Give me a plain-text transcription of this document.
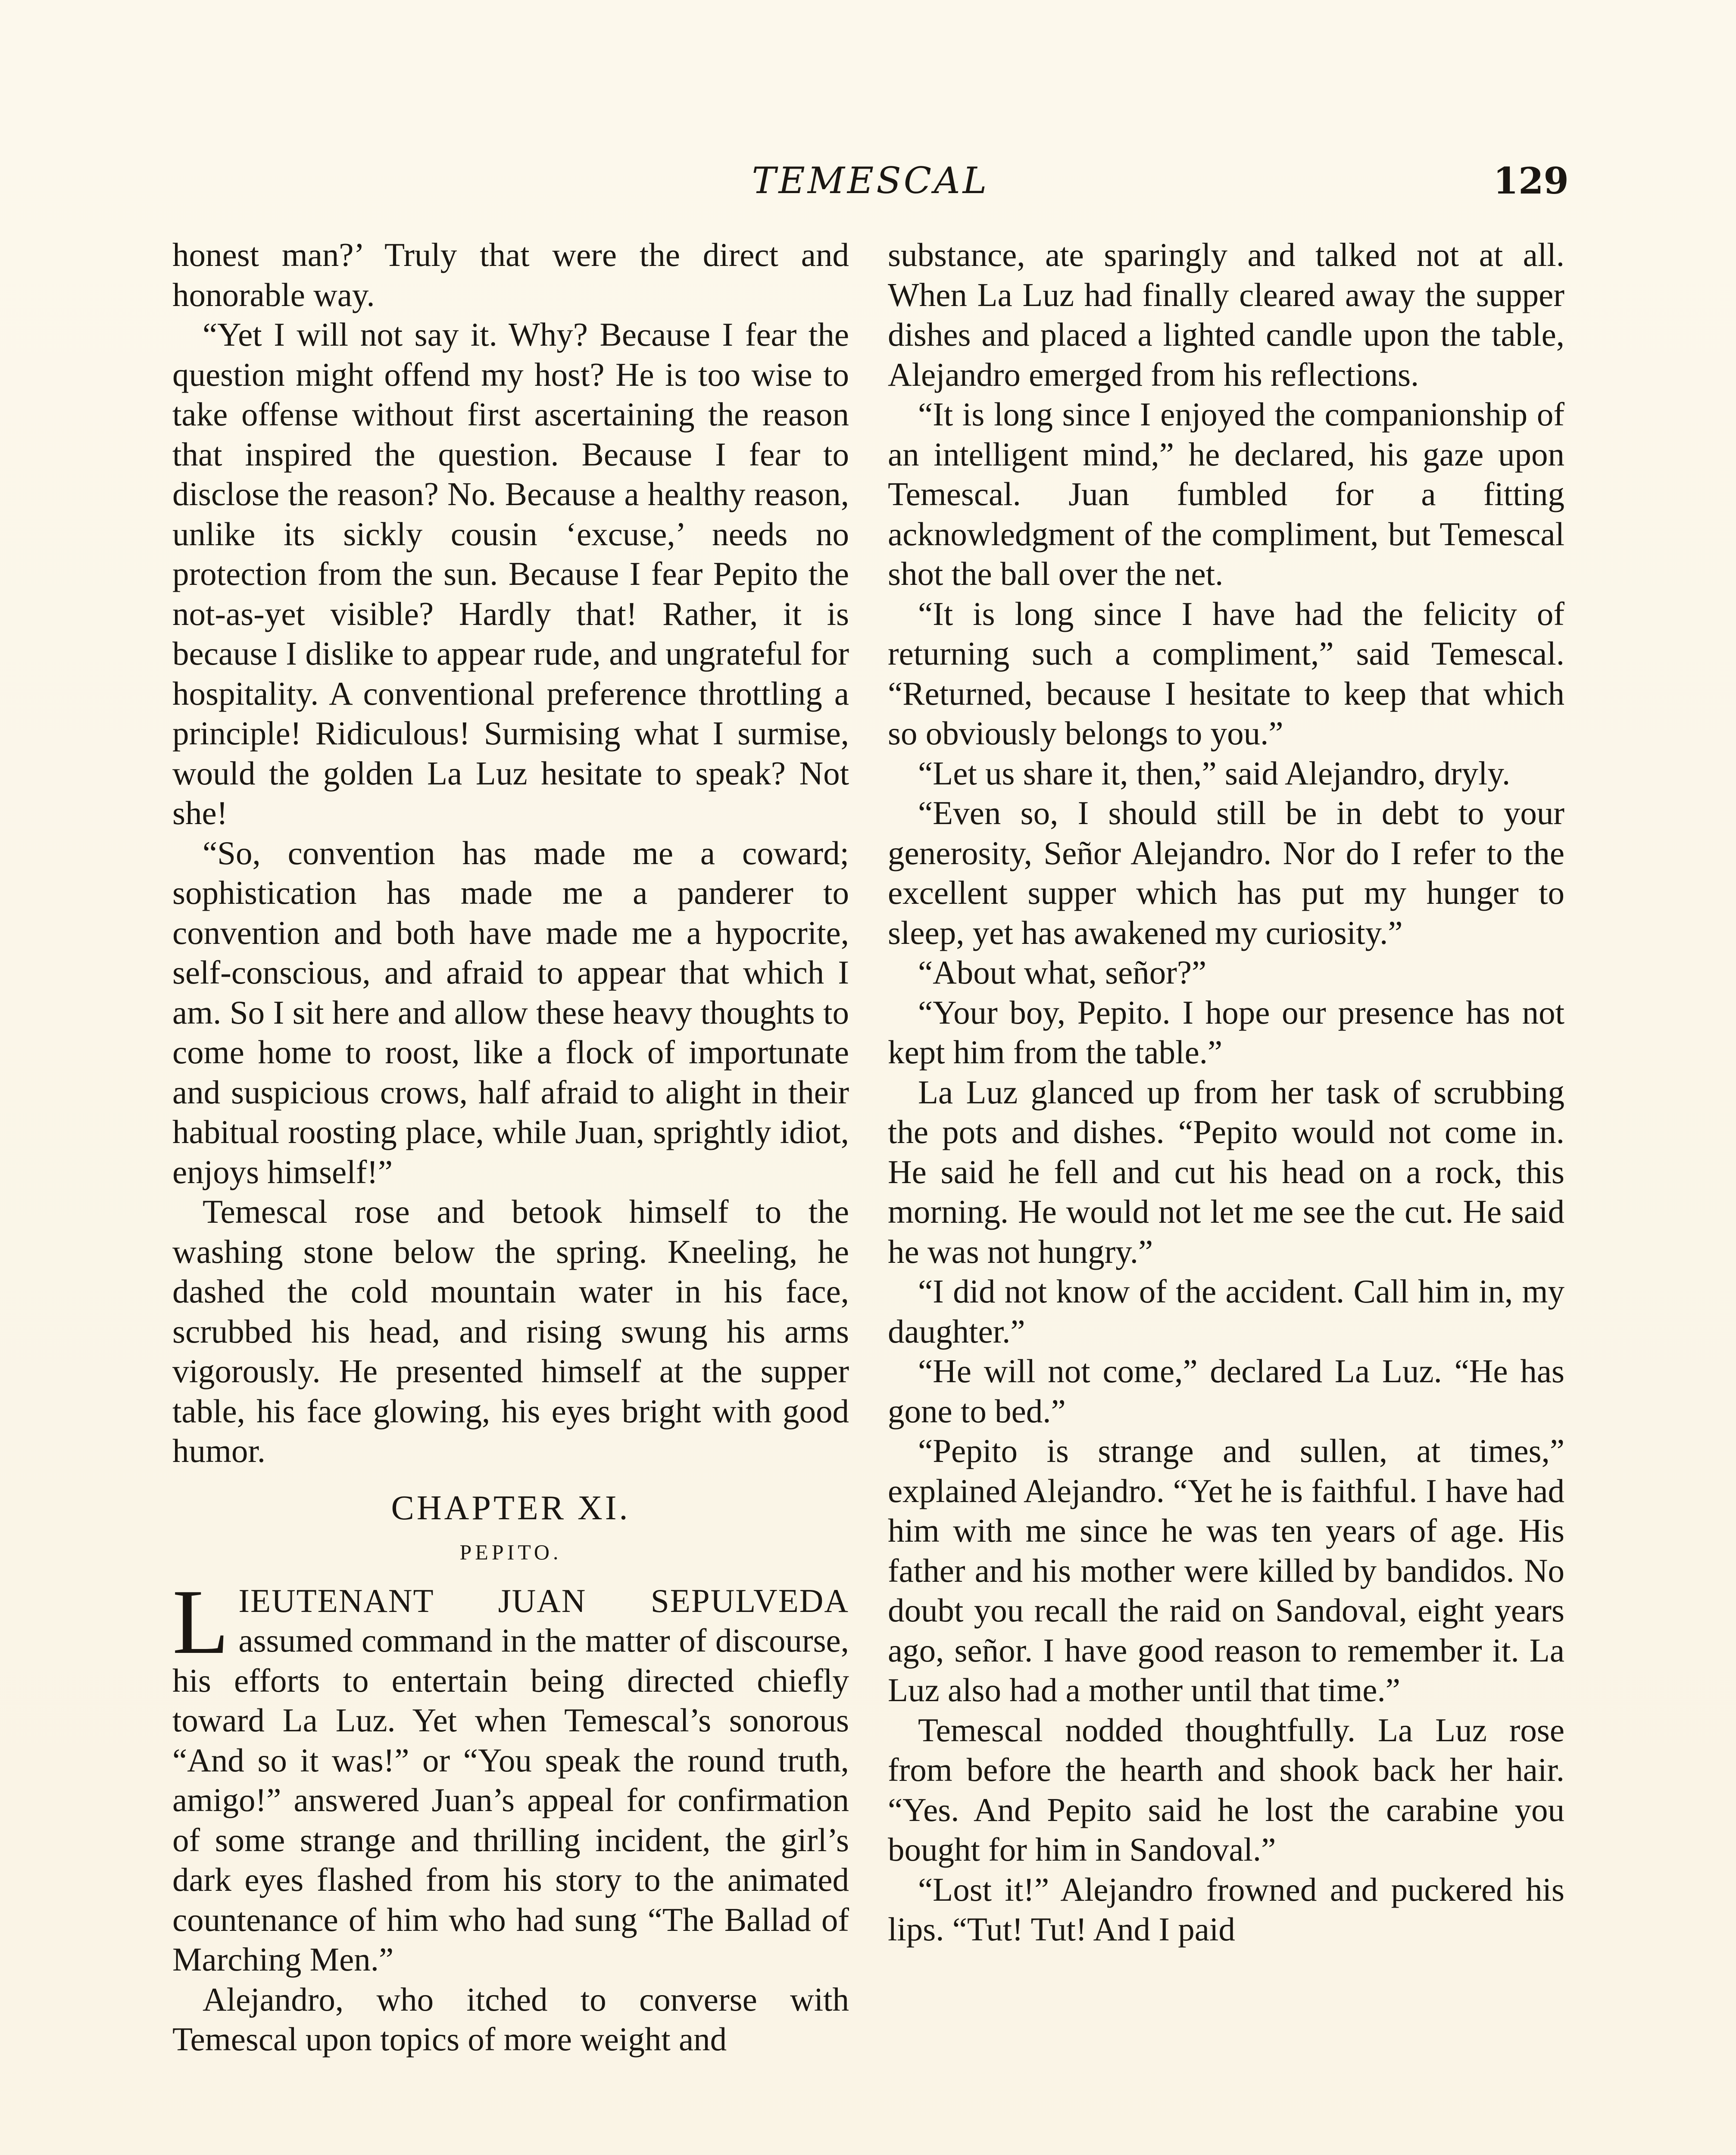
TEMESCAL	129

honest man?’ Truly that were the direct and honorable way.

“Yet I will not say it. Why? Because I fear the question might offend my host? He is too wise to take offense without first ascertaining the reason that inspired the question. Because I fear to disclose the reason? No. Because a healthy reason, unlike its sickly cousin ‘excuse,’ needs no protection from the sun. Because I fear Pepito the not-as-yet visible? Hardly that! Rather, it is because I dislike to appear rude, and ungrateful for hospitality. A conventional preference throttling a principle! Ridiculous! Surmising what I surmise, would the golden La Luz hesitate to speak? Not she!

“So, convention has made me a coward; sophistication has made me a panderer to convention and both have made me a hypocrite, self-conscious, and afraid to appear that which I am. So I sit here and allow these heavy thoughts to come home to roost, like a flock of importunate and suspicious crows, half afraid to alight in their habitual roosting place, while Juan, sprightly idiot, enjoys himself!”

Temescal rose and betook himself to the washing stone below the spring. Kneeling, he dashed the cold mountain water in his face, scrubbed his head, and rising swung his arms vigorously. He presented himself at the supper table, his face glowing, his eyes bright with good humor.

CHAPTER XI.
PEPITO.

LIEUTENANT JUAN SEPULVEDA assumed command in the matter of discourse, his efforts to entertain being directed chiefly toward La Luz. Yet when Temescal’s sonorous “And so it was!” or “You speak the round truth, amigo!” answered Juan’s appeal for confirmation of some strange and thrilling incident, the girl’s dark eyes flashed from his story to the animated countenance of him who had sung “The Ballad of Marching Men.”

Alejandro, who itched to converse with Temescal upon topics of more weight and

substance, ate sparingly and talked not at all. When La Luz had finally cleared away the supper dishes and placed a lighted candle upon the table, Alejandro emerged from his reflections.

“It is long since I enjoyed the companionship of an intelligent mind,” he declared, his gaze upon Temescal. Juan fumbled for a fitting acknowledgment of the compliment, but Temescal shot the ball over the net.

“It is long since I have had the felicity of returning such a compliment,” said Temescal. “Returned, because I hesitate to keep that which so obviously belongs to you.”

“Let us share it, then,” said Alejandro, dryly.

“Even so, I should still be in debt to your generosity, Señor Alejandro. Nor do I refer to the excellent supper which has put my hunger to sleep, yet has awakened my curiosity.”

“About what, señor?”

“Your boy, Pepito. I hope our presence has not kept him from the table.”

La Luz glanced up from her task of scrubbing the pots and dishes. “Pepito would not come in. He said he fell and cut his head on a rock, this morning. He would not let me see the cut. He said he was not hungry.”

“I did not know of the accident. Call him in, my daughter.”

“He will not come,” declared La Luz. “He has gone to bed.”

“Pepito is strange and sullen, at times,” explained Alejandro. “Yet he is faithful. I have had him with me since he was ten years of age. His father and his mother were killed by bandidos. No doubt you recall the raid on Sandoval, eight years ago, señor. I have good reason to remember it. La Luz also had a mother until that time.”

Temescal nodded thoughtfully. La Luz rose from before the hearth and shook back her hair. “Yes. And Pepito said he lost the carabine you bought for him in Sandoval.”

“Lost it!” Alejandro frowned and puckered his lips. “Tut! Tut! And I paid
